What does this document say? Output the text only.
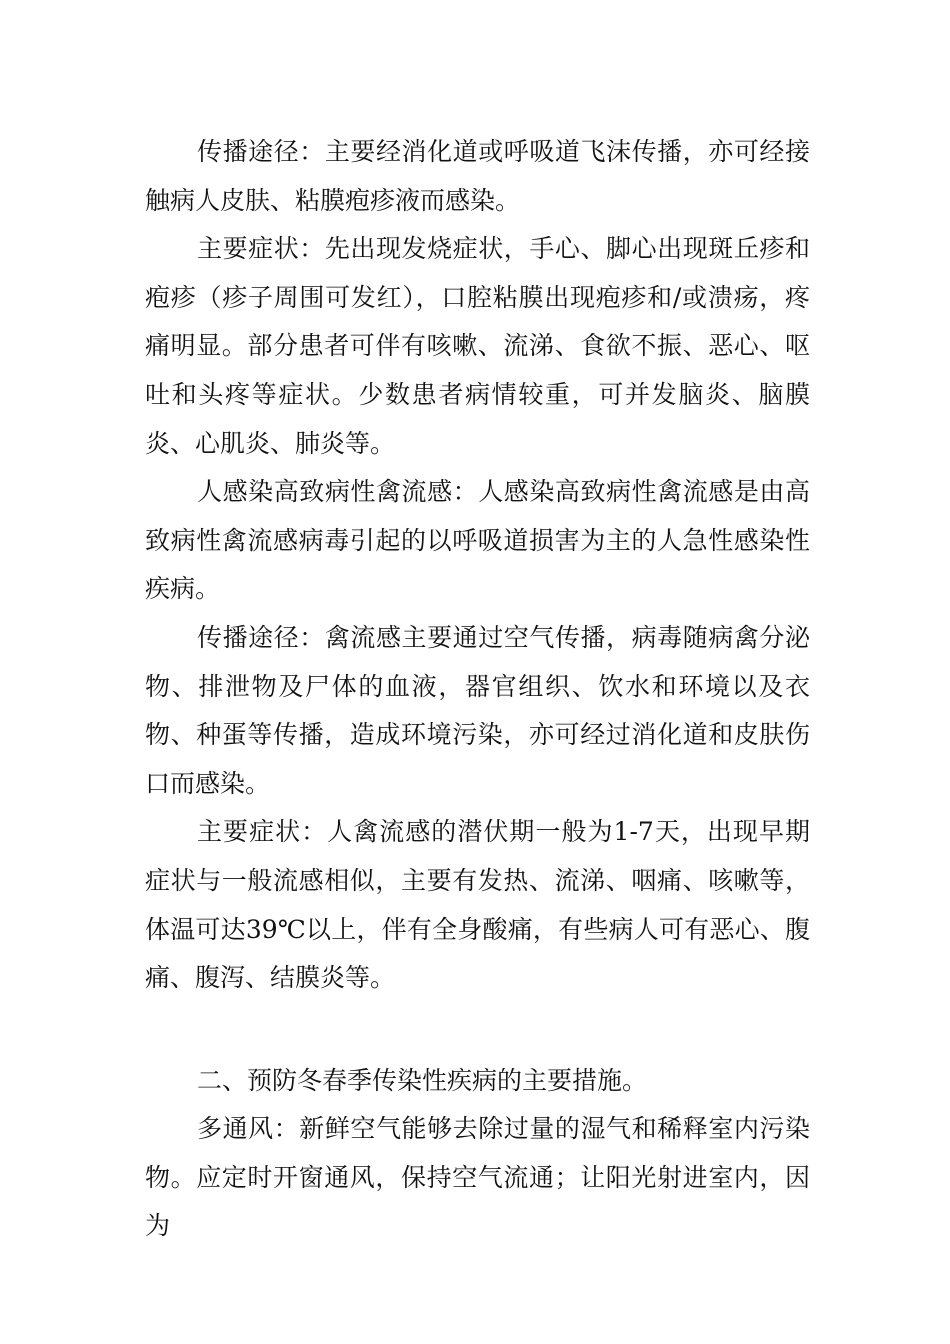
传播途径：主要经消化道或呼吸道飞沫传播，亦可经接触病人皮肤、粘膜疱疹液而感染。

主要症状：先出现发烧症状，手心、脚心出现斑丘疹和疱疹（疹子周围可发红），口腔粘膜出现疱疹和/或溃疡，疼痛明显。部分患者可伴有咳嗽、流涕、食欲不振、恶心、呕吐和头疼等症状。少数患者病情较重，可并发脑炎、脑膜炎、心肌炎、肺炎等。

人感染高致病性禽流感：人感染高致病性禽流感是由高致病性禽流感病毒引起的以呼吸道损害为主的人急性感染性疾病。

传播途径：禽流感主要通过空气传播，病毒随病禽分泌物、排泄物及尸体的血液，器官组织、饮水和环境以及衣物、种蛋等传播，造成环境污染，亦可经过消化道和皮肤伤口而感染。

主要症状：人禽流感的潜伏期一般为1-7天，出现早期症状与一般流感相似，主要有发热、流涕、咽痛、咳嗽等，体温可达39℃以上，伴有全身酸痛，有些病人可有恶心、腹痛、腹泻、结膜炎等。

二、预防冬春季传染性疾病的主要措施。

多通风：新鲜空气能够去除过量的湿气和稀释室内污染物。应定时开窗通风，保持空气流通；让阳光射进室内，因为
